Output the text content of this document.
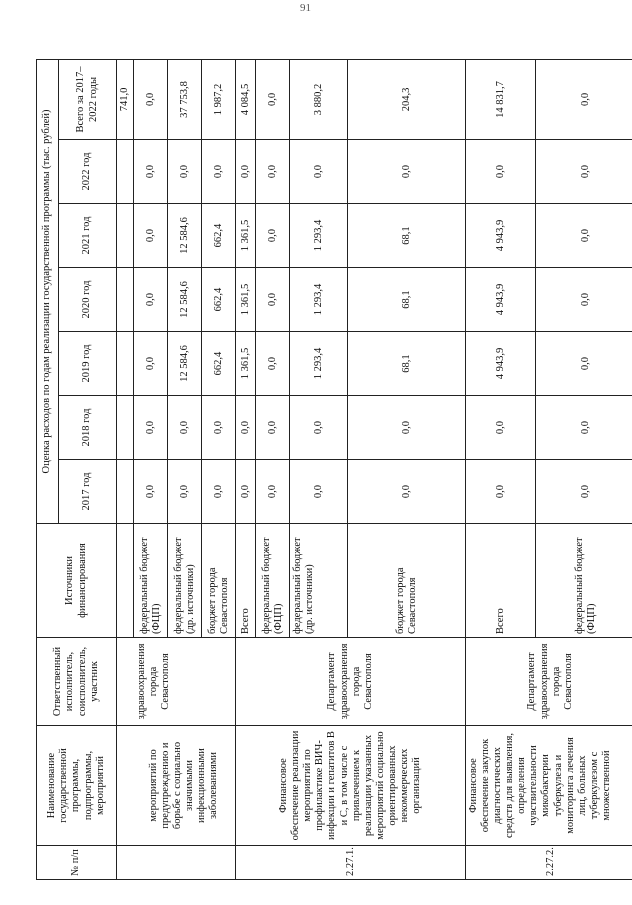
91
№ п/п	Наименование государственной программы, подпрограммы, мероприятий	Ответственный исполнитель, соисполнитель, участник	Источники финансирования	Оценка расходов по годам реализации государственной программы (тыс. рублей)						
				2017 год	2018 год	2019 год	2020 год	2021 год	2022 год	Всего за 2017–2022 годы
										741,0
	мероприятий по предупреждению и борьбе с социально значимыми инфекционными заболеваниями	здравоохранения города Севастополя	федеральный бюджет (ФЦП)	0,0	0,0	0,0	0,0	0,0	0,0	0,0
			федеральный бюджет (др. источники)	0,0	0,0	12 584,6	12 584,6	12 584,6	0,0	37 753,8
			бюджет города Севастополя	0,0	0,0	662,4	662,4	662,4	0,0	1 987,2
2.27.1.	Финансовое обеспечение реализации мероприятий по профилактике ВИЧ-инфекции и гепатитов В и С, в том числе с привлечением к реализации указанных мероприятий социально ориентированных некоммерческих организаций	Департамент здравоохранения города Севастополя	Всего	0,0	0,0	1 361,5	1 361,5	1 361,5	0,0	4 084,5
			федеральный бюджет (ФЦП)	0,0	0,0	0,0	0,0	0,0	0,0	0,0
			федеральный бюджет (др. источники)	0,0	0,0	1 293,4	1 293,4	1 293,4	0,0	3 880,2
			бюджет города Севастополя	0,0	0,0	68,1	68,1	68,1	0,0	204,3
2.27.2.	Финансовое обеспечение закупок диагностических средств для выявления, определения чувствительности микобактерии туберкулеза и мониторинга лечения лиц, больных туберкулезом с множественной	Департамент здравоохранения города Севастополя	Всего	0,0	0,0	4 943,9	4 943,9	4 943,9	0,0	14 831,7
			федеральный бюджет (ФЦП)	0,0	0,0	0,0	0,0	0,0	0,0	0,0
